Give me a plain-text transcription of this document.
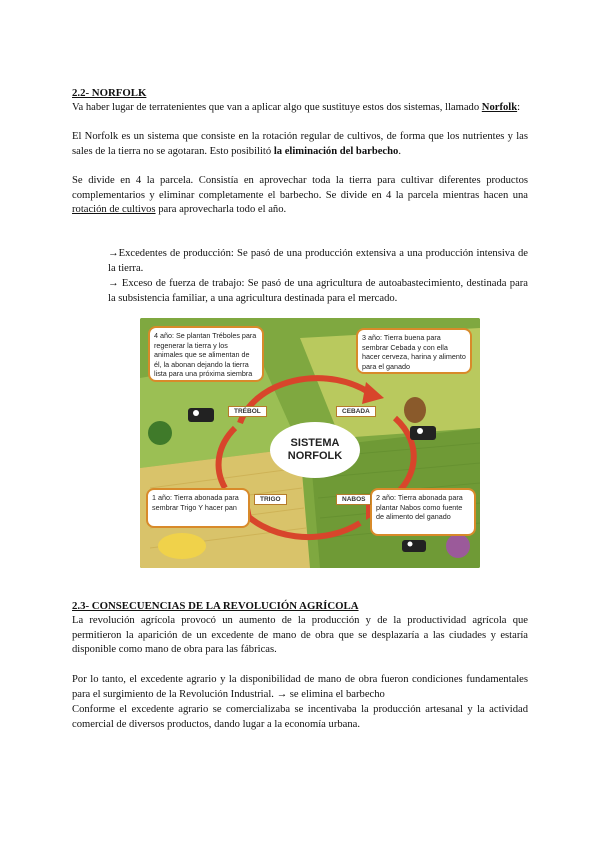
2.2- NORFOLK
Va haber lugar de terratenientes que van a aplicar algo que sustituye estos dos sistemas, llamado Norfolk:
El Norfolk es un sistema que consiste en la rotación regular de cultivos, de forma que los nutrientes y las sales de la tierra no se agotaran. Esto posibilitó la eliminación del barbecho.
Se divide en 4 la parcela. Consistía en aprovechar toda la tierra para cultivar diferentes productos complementarios y eliminar completamente el barbecho. Se divide en 4 la parcela mientras hacen una rotación de cultivos para aprovecharla todo el año.
→Excedentes de producción: Se pasó de una producción extensiva a una producción intensiva de la tierra.
→ Exceso de fuerza de trabajo: Se pasó de una agricultura de autoabastecimiento, destinada para la subsistencia familiar, a una agricultura destinada para el mercado.
SISTEMA
NORFOLK
4 año: Se plantan Tréboles para regenerar la tierra y los animales que se alimentan de él, la abonan dejando la tierra lista para una próxima siembra
3 año: Tierra buena para sembrar Cebada y con ella hacer cerveza, harina y alimento para el ganado
1 año: Tierra abonada para sembrar Trigo Y hacer pan
2 año: Tierra abonada para plantar Nabos como fuente de alimento del ganado
TRÉBOL	CEBADA
TRIGO	NABOS
2.3- CONSECUENCIAS DE LA REVOLUCIÓN AGRÍCOLA
La revolución agrícola provocó un aumento de la producción y de la productividad agrícola que permitieron la aparición de un excedente de mano de obra que se desplazaría a las ciudades y estaría disponible como mano de obra para las fábricas.
Por lo tanto, el excedente agrario y la disponibilidad de mano de obra fueron condiciones fundamentales para el surgimiento de la Revolución Industrial. → se elimina el barbecho
Conforme el excedente agrario se comercializaba se incentivaba la producción artesanal y la actividad comercial de diversos productos, dando lugar a la economía urbana.
